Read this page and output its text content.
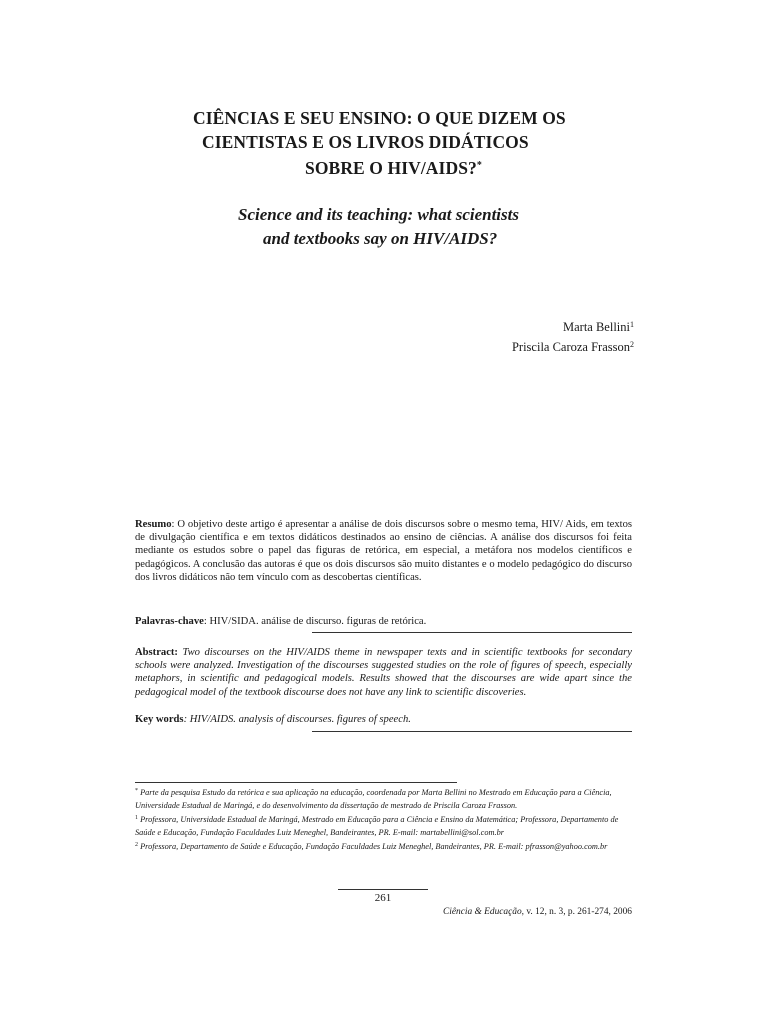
CIÊNCIAS E SEU ENSINO: O QUE DIZEM OS
CIENTISTAS E OS LIVROS DIDÁTICOS
SOBRE O HIV/AIDS?*
Science and its teaching: what scientists
and textbooks say on HIV/AIDS?
Marta Bellini$^1$
Priscila Caroza Frasson$^2$
Resumo: O objetivo deste artigo é apresentar a análise de dois discursos sobre o mesmo tema, HIV/ Aids, em textos de divulgação científica e em textos didáticos destinados ao ensino de ciências. A análise dos discursos foi feita mediante os estudos sobre o papel das figuras de retórica, em especial, a metáfora nos modelos científicos e pedagógicos. A conclusão das autoras é que os dois discursos são muito distantes e o modelo pedagógico do discurso dos livros didáticos não tem vínculo com as descobertas científicas.
Palavras-chave: HIV/SIDA. análise de discurso. figuras de retórica.
Abstract: Two discourses on the HIV/AIDS theme in newspaper texts and in scientific textbooks for secondary schools were analyzed. Investigation of the discourses suggested studies on the role of figures of speech, especially metaphors, in scientific and pedagogical models. Results showed that the discourses are wide apart since the pedagogical model of the textbook discourse does not have any link to scientific discoveries.
Key words: HIV/AIDS. analysis of discourses. figures of speech.

* Parte da pesquisa Estudo da retórica e sua aplicação na educação, coordenada por Marta Bellini no Mestrado em Educação para a Ciência, Universidade Estadual de Maringá, e do desenvolvimento da dissertação de mestrado de Priscila Caroza Frasson.

$^1$ Professora, Universidade Estadual de Maringá, Mestrado em Educação para a Ciência e Ensino da Matemática; Professora, Departamento de Saúde e Educação, Fundação Faculdades Luiz Meneghel, Bandeirantes, PR. E-mail: martabellini@sol.com.br

$^2$ Professora, Departamento de Saúde e Educação, Fundação Faculdades Luiz Meneghel, Bandeirantes, PR. E-mail: pfrasson@yahoo.com.br

261
Ciência & Educação, v. 12, n. 3, p. 261-274, 2006
